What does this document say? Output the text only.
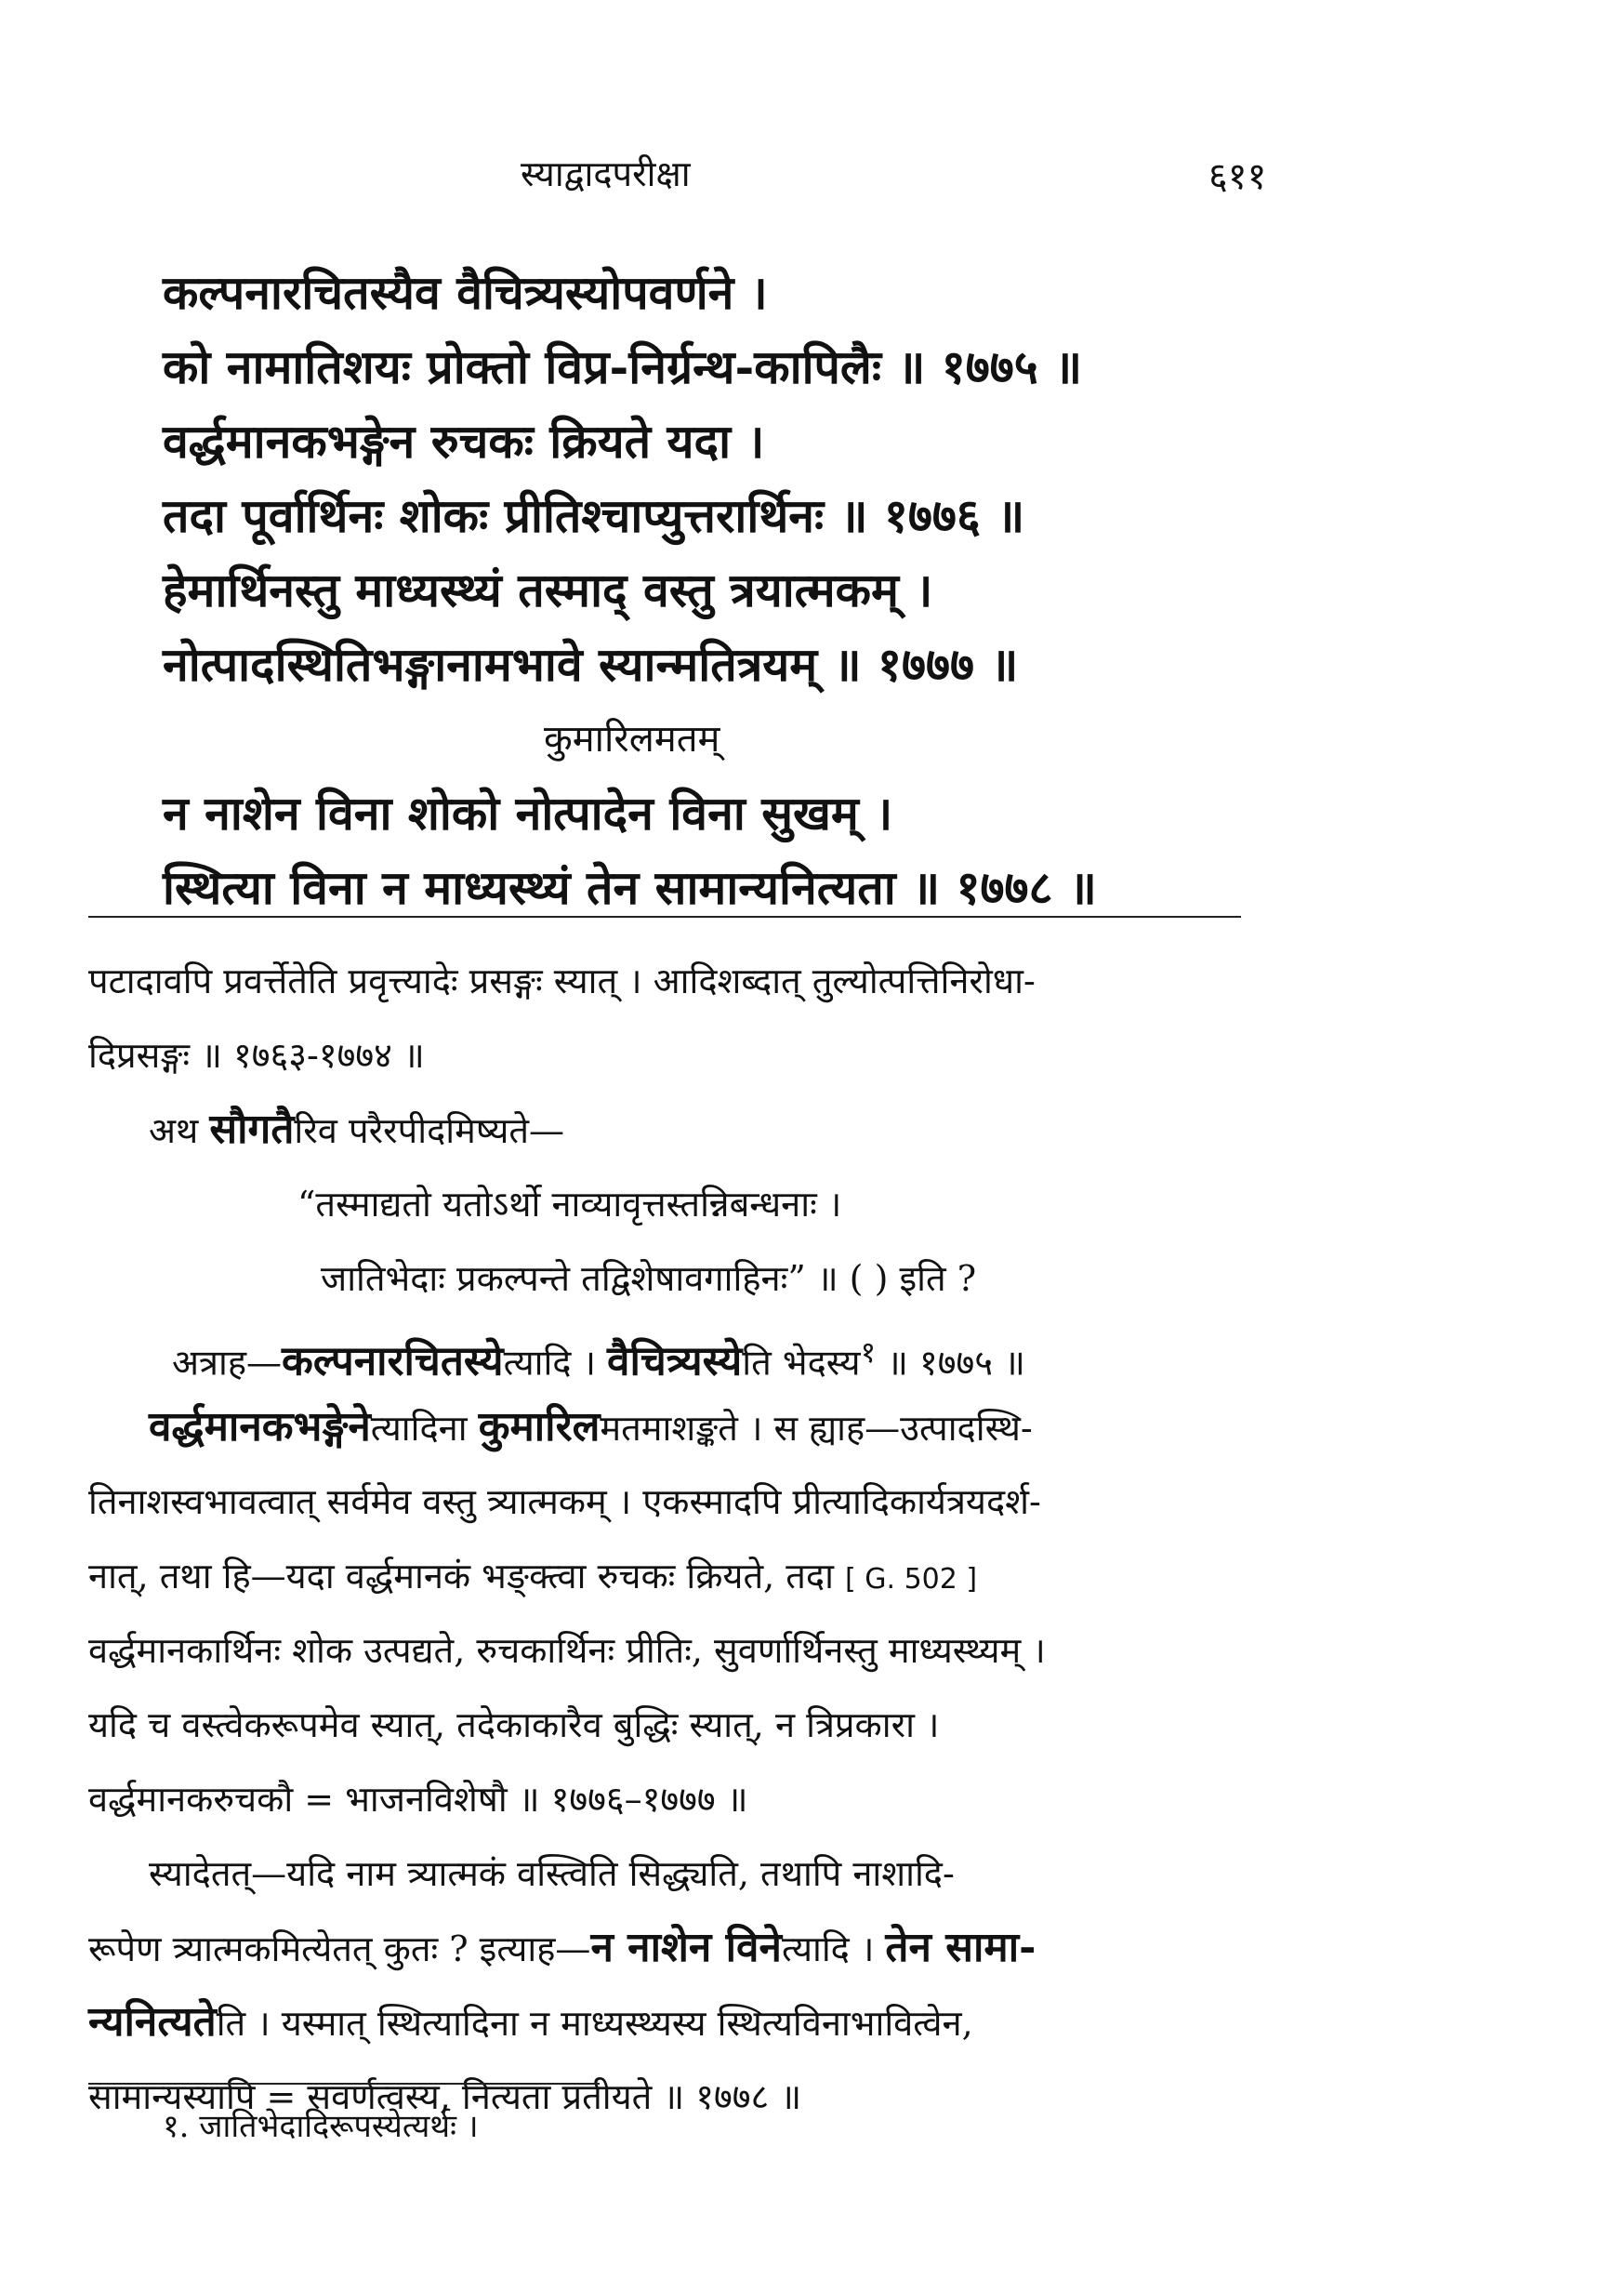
स्याद्वादपरीक्षा	६११
कल्पनारचितस्यैव वैचित्र्यस्योपवर्णने ।
को नामातिशयः प्रोक्तो विप्र-निर्ग्रन्थ-कापिलैः ॥ १७७५ ॥
वर्द्धमानकभङ्गेन रुचकः क्रियते यदा ।
तदा पूर्वार्थिनः शोकः प्रीतिश्चाप्युत्तरार्थिनः ॥ १७७६ ॥
हेमार्थिनस्तु माध्यस्थ्यं तस्माद् वस्तु त्रयात्मकम् ।
नोत्पादस्थितिभङ्गानामभावे स्यान्मतित्रयम् ॥ १७७७ ॥
कुमारिलमतम्
न नाशेन विना शोको नोत्पादेन विना सुखम् ।
स्थित्या विना न माध्यस्थ्यं तेन सामान्यनित्यता ॥ १७७८ ॥
पटादावपि प्रवर्त्तेतेति प्रवृत्त्यादेः प्रसङ्गः स्यात् । आदिशब्दात् तुल्योत्पत्तिनिरोधा-
दिप्रसङ्गः ॥ १७६३-१७७४ ॥
अथ सौगतैरिव परैरपीदमिष्यते—
“तस्माद्यतो यतोऽर्थो नाव्यावृत्तस्तन्निबन्धनाः ।
जातिभेदाः प्रकल्पन्ते तद्विशेषावगाहिनः” ॥ ( ) इति ?
अत्राह—कल्पनारचितस्येत्यादि । वैचित्र्यस्येति भेदस्य$^१$ ॥ १७७५ ॥
वर्द्धमानकभङ्गेनेत्यादिना कुमारिलमतमाशङ्कते । स ह्याह—उत्पादस्थि-
तिनाशस्वभावत्वात् सर्वमेव वस्तु त्र्यात्मकम् । एकस्मादपि प्रीत्यादिकार्यत्रयदर्श-
नात्, तथा हि—यदा वर्द्धमानकं भङ्क्त्वा रुचकः क्रियते, तदा [ G. 502 ]
वर्द्धमानकार्थिनः शोक उत्पद्यते, रुचकार्थिनः प्रीतिः, सुवर्णार्थिनस्तु माध्यस्थ्यम् ।
यदि च वस्त्वेकरूपमेव स्यात्, तदेकाकारैव बुद्धिः स्यात्, न त्रिप्रकारा ।
वर्द्धमानकरुचकौ = भाजनविशेषौ ॥ १७७६–१७७७ ॥
स्यादेतत्—यदि नाम त्र्यात्मकं वस्त्विति सिद्ध्यति, तथापि नाशादि-
रूपेण त्र्यात्मकमित्येतत् कुतः ? इत्याह—न नाशेन विनेत्यादि । तेन सामा-
न्यनित्यतेति । यस्मात् स्थित्यादिना न माध्यस्थ्यस्य स्थित्यविनाभावित्वेन,
सामान्यस्यापि = सवर्णत्वस्य, नित्यता प्रतीयते ॥ १७७८ ॥
१. जातिभेदादिरूपस्येत्यर्थः ।
